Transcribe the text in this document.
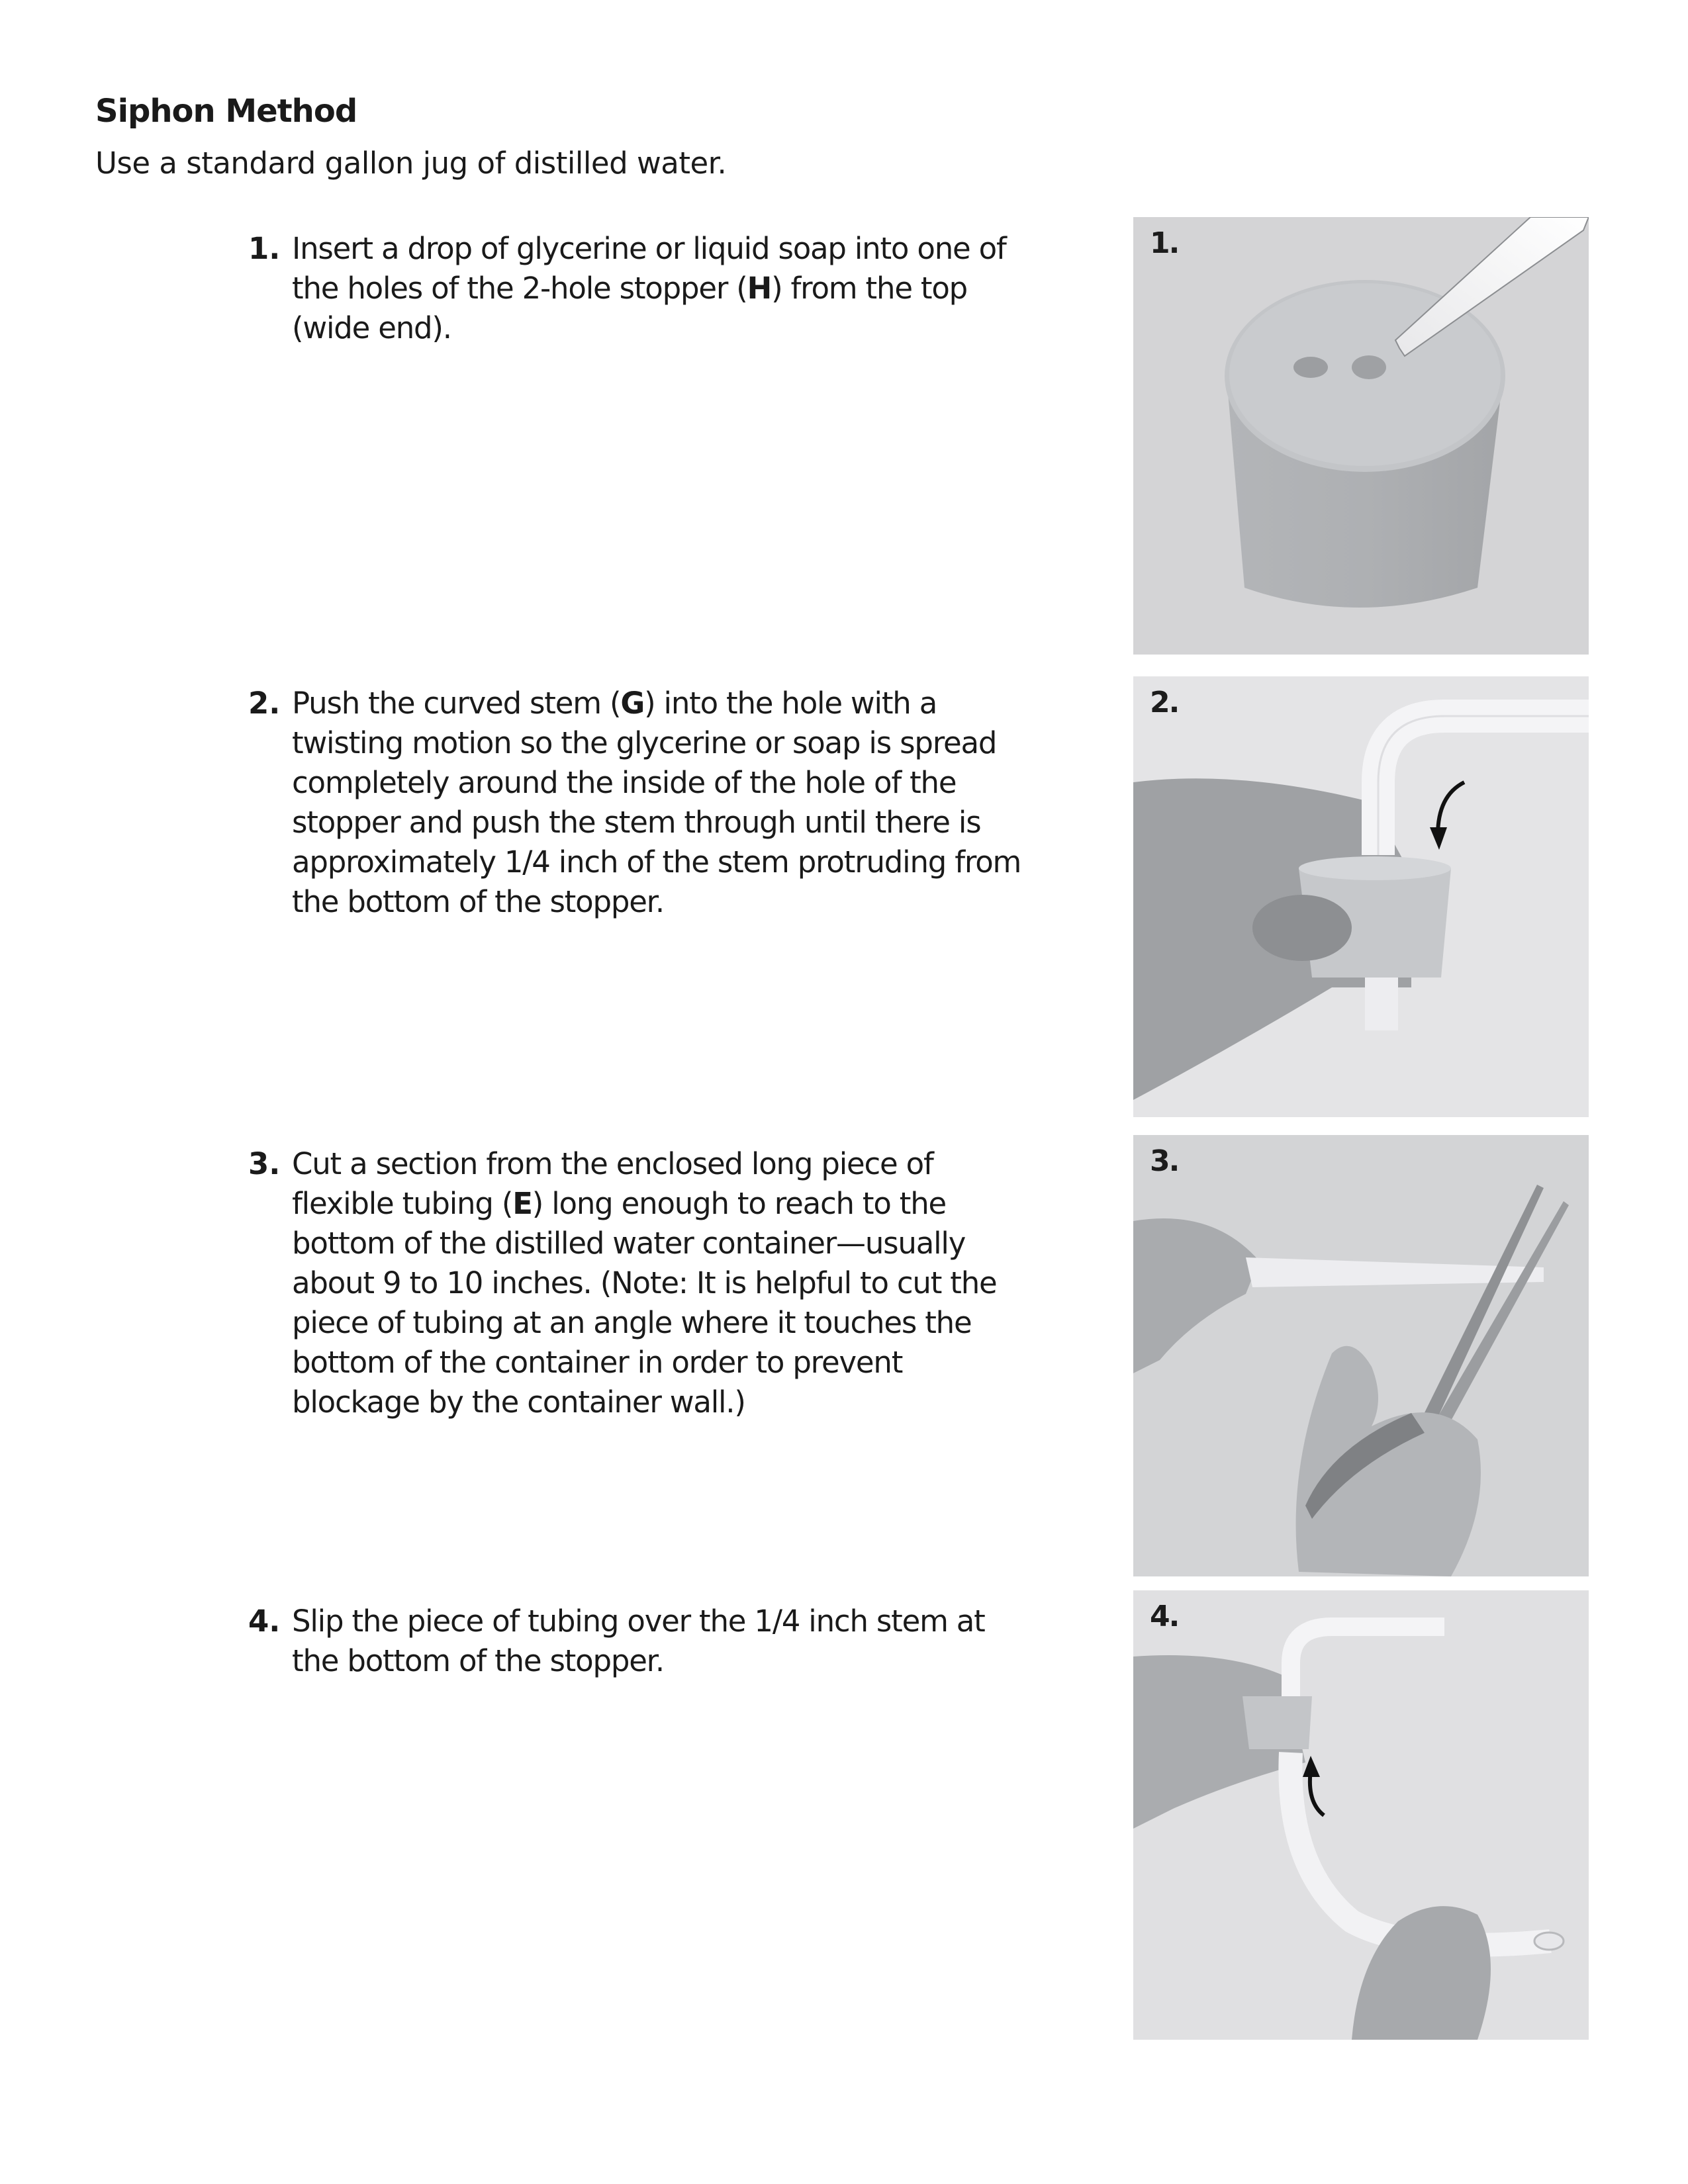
Siphon Method

Use a standard gallon jug of distilled water.

1. Insert a drop of glycerine or liquid soap into one of the holes of the 2-hole stopper (H) from the top (wide end).

2. Push the curved stem (G) into the hole with a twisting motion so the glycerine or soap is spread completely around the inside of the hole of the stopper and push the stem through until there is approximately 1/4 inch of the stem protruding from the bottom of the stopper.

3. Cut a section from the enclosed long piece of flexible tubing (E) long enough to reach to the bottom of the distilled water container—usually about 9 to 10 inches. (Note: It is helpful to cut the piece of tubing at an angle where it touches the bottom of the container in order to prevent blockage by the container wall.)

4. Slip the piece of tubing over the 1/4 inch stem at the bottom of the stopper.

1.
2.
3.
4.
